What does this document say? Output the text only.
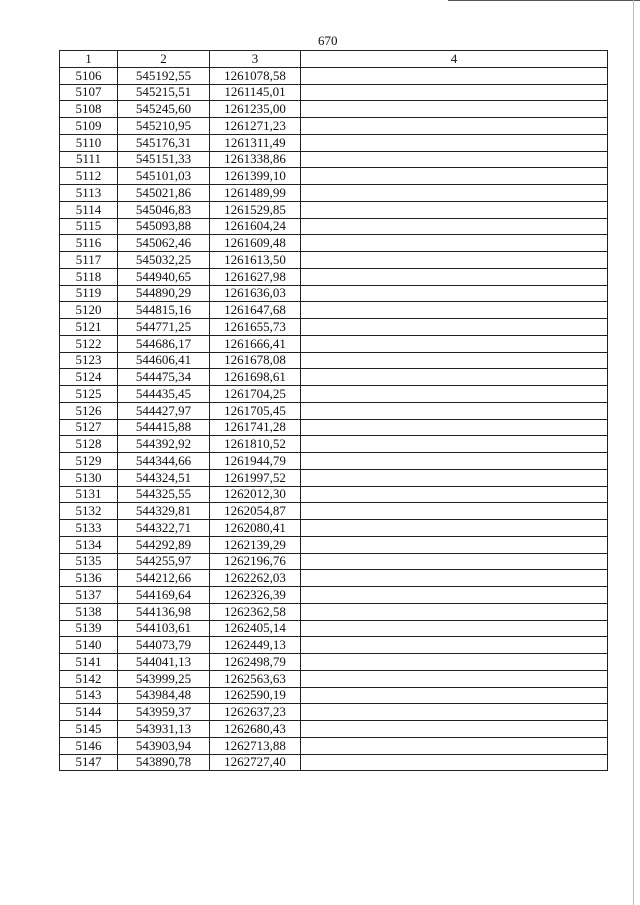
670
1	2	3	4
5106	545192,55	1261078,58	
5107	545215,51	1261145,01	
5108	545245,60	1261235,00	
5109	545210,95	1261271,23	
5110	545176,31	1261311,49	
5111	545151,33	1261338,86	
5112	545101,03	1261399,10	
5113	545021,86	1261489,99	
5114	545046,83	1261529,85	
5115	545093,88	1261604,24	
5116	545062,46	1261609,48	
5117	545032,25	1261613,50	
5118	544940,65	1261627,98	
5119	544890,29	1261636,03	
5120	544815,16	1261647,68	
5121	544771,25	1261655,73	
5122	544686,17	1261666,41	
5123	544606,41	1261678,08	
5124	544475,34	1261698,61	
5125	544435,45	1261704,25	
5126	544427,97	1261705,45	
5127	544415,88	1261741,28	
5128	544392,92	1261810,52	
5129	544344,66	1261944,79	
5130	544324,51	1261997,52	
5131	544325,55	1262012,30	
5132	544329,81	1262054,87	
5133	544322,71	1262080,41	
5134	544292,89	1262139,29	
5135	544255,97	1262196,76	
5136	544212,66	1262262,03	
5137	544169,64	1262326,39	
5138	544136,98	1262362,58	
5139	544103,61	1262405,14	
5140	544073,79	1262449,13	
5141	544041,13	1262498,79	
5142	543999,25	1262563,63	
5143	543984,48	1262590,19	
5144	543959,37	1262637,23	
5145	543931,13	1262680,43	
5146	543903,94	1262713,88	
5147	543890,78	1262727,40	
